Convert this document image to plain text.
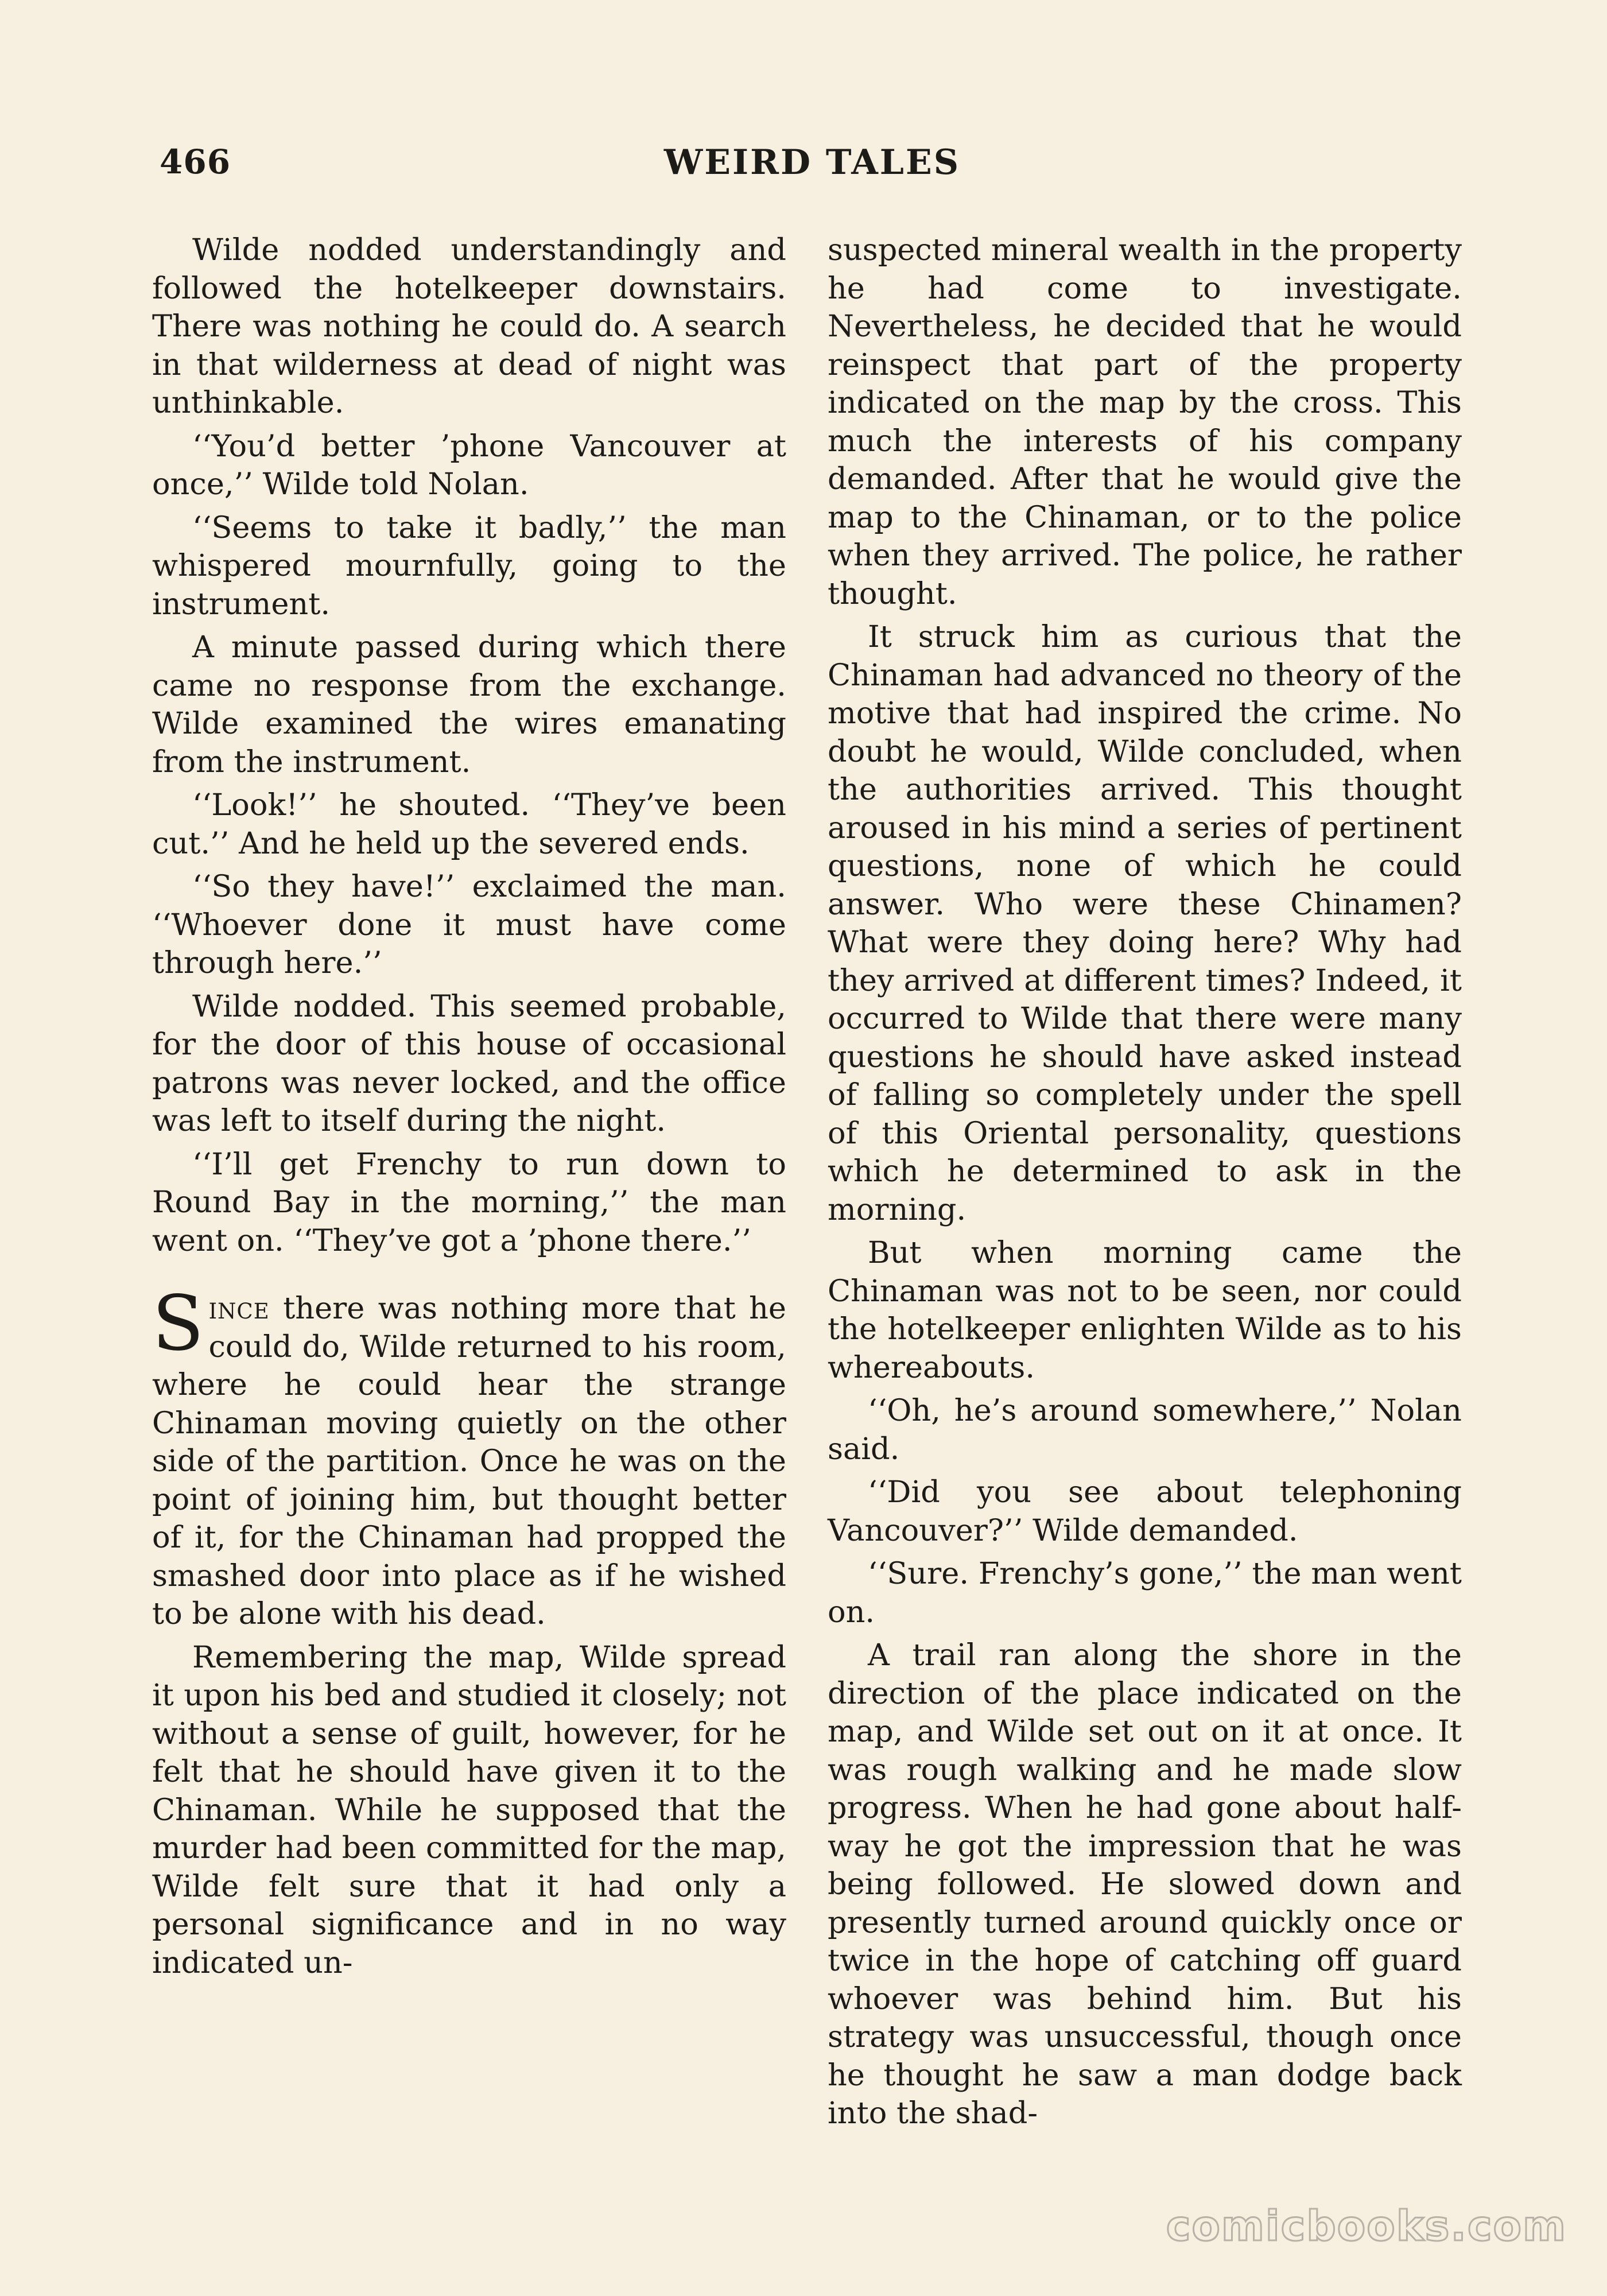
466	WEIRD TALES

Wilde nodded understandingly and followed the hotelkeeper downstairs. There was nothing he could do. A search in that wilderness at dead of night was unthinkable.

‘‘You’d better ’phone Vancouver at once,’’ Wilde told Nolan.

‘‘Seems to take it badly,’’ the man whispered mournfully, going to the instrument.

A minute passed during which there came no response from the exchange. Wilde examined the wires emanating from the instrument.

‘‘Look!’’ he shouted. ‘‘They’ve been cut.’’ And he held up the severed ends.

‘‘So they have!’’ exclaimed the man. ‘‘Whoever done it must have come through here.’’

Wilde nodded. This seemed probable, for the door of this house of occasional patrons was never locked, and the office was left to itself during the night.

‘‘I’ll get Frenchy to run down to Round Bay in the morning,’’ the man went on. ‘‘They’ve got a ’phone there.’’

Since there was nothing more that he could do, Wilde returned to his room, where he could hear the strange Chinaman moving quietly on the other side of the partition. Once he was on the point of joining him, but thought better of it, for the Chinaman had propped the smashed door into place as if he wished to be alone with his dead.

Remembering the map, Wilde spread it upon his bed and studied it closely; not without a sense of guilt, however, for he felt that he should have given it to the Chinaman. While he supposed that the murder had been committed for the map, Wilde felt sure that it had only a personal significance and in no way indicated un-

suspected mineral wealth in the property he had come to investigate. Nevertheless, he decided that he would reinspect that part of the property indicated on the map by the cross. This much the interests of his company demanded. After that he would give the map to the Chinaman, or to the police when they arrived. The police, he rather thought.

It struck him as curious that the Chinaman had advanced no theory of the motive that had inspired the crime. No doubt he would, Wilde concluded, when the authorities arrived. This thought aroused in his mind a series of pertinent questions, none of which he could answer. Who were these Chinamen? What were they doing here? Why had they arrived at different times? Indeed, it occurred to Wilde that there were many questions he should have asked instead of falling so completely under the spell of this Oriental personality, questions which he determined to ask in the morning.

But when morning came the Chinaman was not to be seen, nor could the hotelkeeper enlighten Wilde as to his whereabouts.

‘‘Oh, he’s around somewhere,’’ Nolan said.

‘‘Did you see about telephoning Vancouver?’’ Wilde demanded.

‘‘Sure. Frenchy’s gone,’’ the man went on.

A trail ran along the shore in the direction of the place indicated on the map, and Wilde set out on it at once. It was rough walking and he made slow progress. When he had gone about half-way he got the impression that he was being followed. He slowed down and presently turned around quickly once or twice in the hope of catching off guard whoever was behind him. But his strategy was unsuccessful, though once he thought he saw a man dodge back into the shad-

comicbooks.com
